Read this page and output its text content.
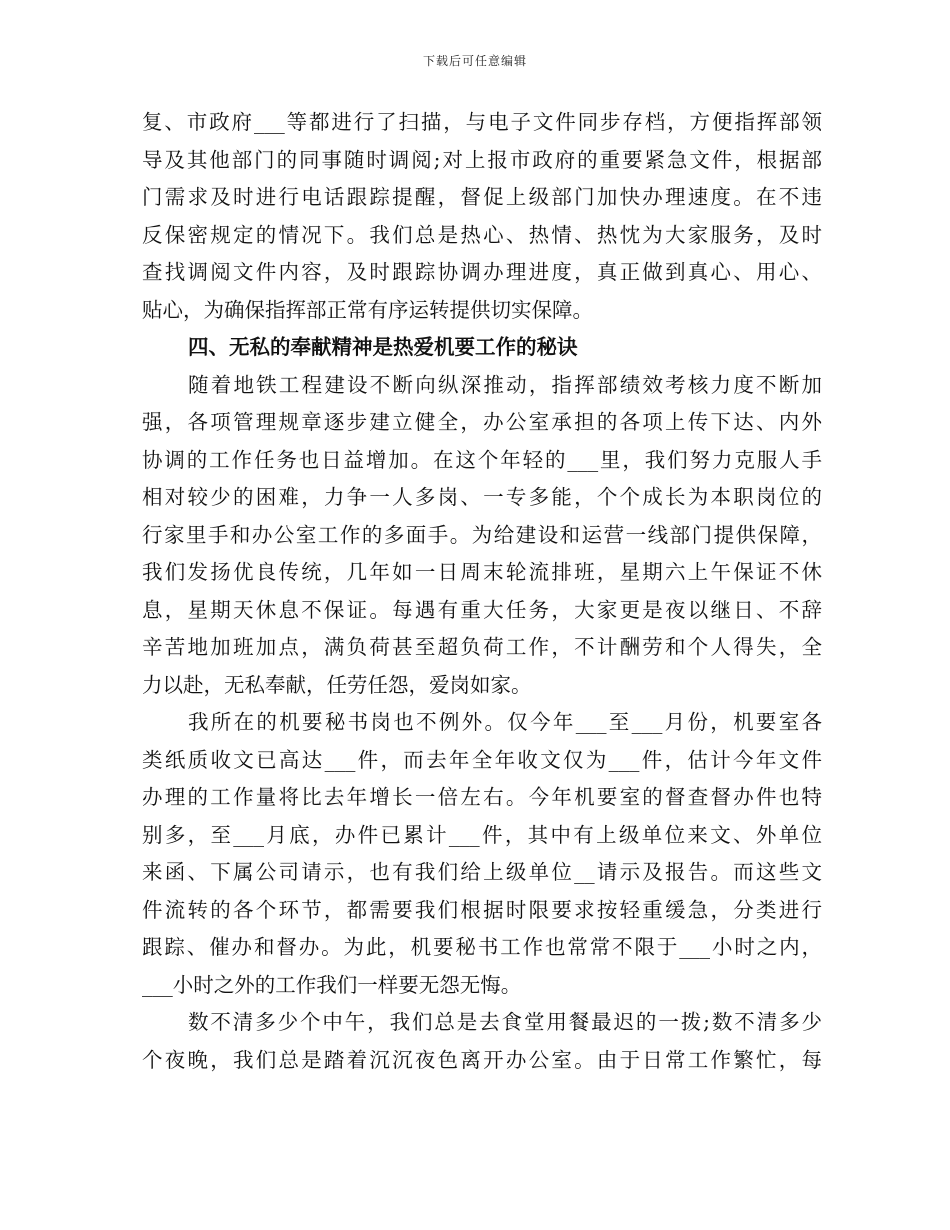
下载后可任意编辑
复、市政府___等都进行了扫描，与电子文件同步存档，方便指挥部领
导及其他部门的同事随时调阅;对上报市政府的重要紧急文件，根据部
门需求及时进行电话跟踪提醒，督促上级部门加快办理速度。在不违
反保密规定的情况下。我们总是热心、热情、热忱为大家服务，及时
查找调阅文件内容，及时跟踪协调办理进度，真正做到真心、用心、
贴心，为确保指挥部正常有序运转提供切实保障。
四、无私的奉献精神是热爱机要工作的秘诀
随着地铁工程建设不断向纵深推动，指挥部绩效考核力度不断加
强，各项管理规章逐步建立健全，办公室承担的各项上传下达、内外
协调的工作任务也日益增加。在这个年轻的___里，我们努力克服人手
相对较少的困难，力争一人多岗、一专多能，个个成长为本职岗位的
行家里手和办公室工作的多面手。为给建设和运营一线部门提供保障，
我们发扬优良传统，几年如一日周末轮流排班，星期六上午保证不休
息，星期天休息不保证。每遇有重大任务，大家更是夜以继日、不辞
辛苦地加班加点，满负荷甚至超负荷工作，不计酬劳和个人得失，全
力以赴，无私奉献，任劳任怨，爱岗如家。
我所在的机要秘书岗也不例外。仅今年___至___月份，机要室各
类纸质收文已高达___件，而去年全年收文仅为___件，估计今年文件
办理的工作量将比去年增长一倍左右。今年机要室的督查督办件也特
别多，至___月底，办件已累计___件，其中有上级单位来文、外单位
来函、下属公司请示，也有我们给上级单位__请示及报告。而这些文
件流转的各个环节，都需要我们根据时限要求按轻重缓急，分类进行
跟踪、催办和督办。为此，机要秘书工作也常常不限于___小时之内，
___小时之外的工作我们一样要无怨无悔。
数不清多少个中午，我们总是去食堂用餐最迟的一拨;数不清多少
个夜晚，我们总是踏着沉沉夜色离开办公室。由于日常工作繁忙，每
